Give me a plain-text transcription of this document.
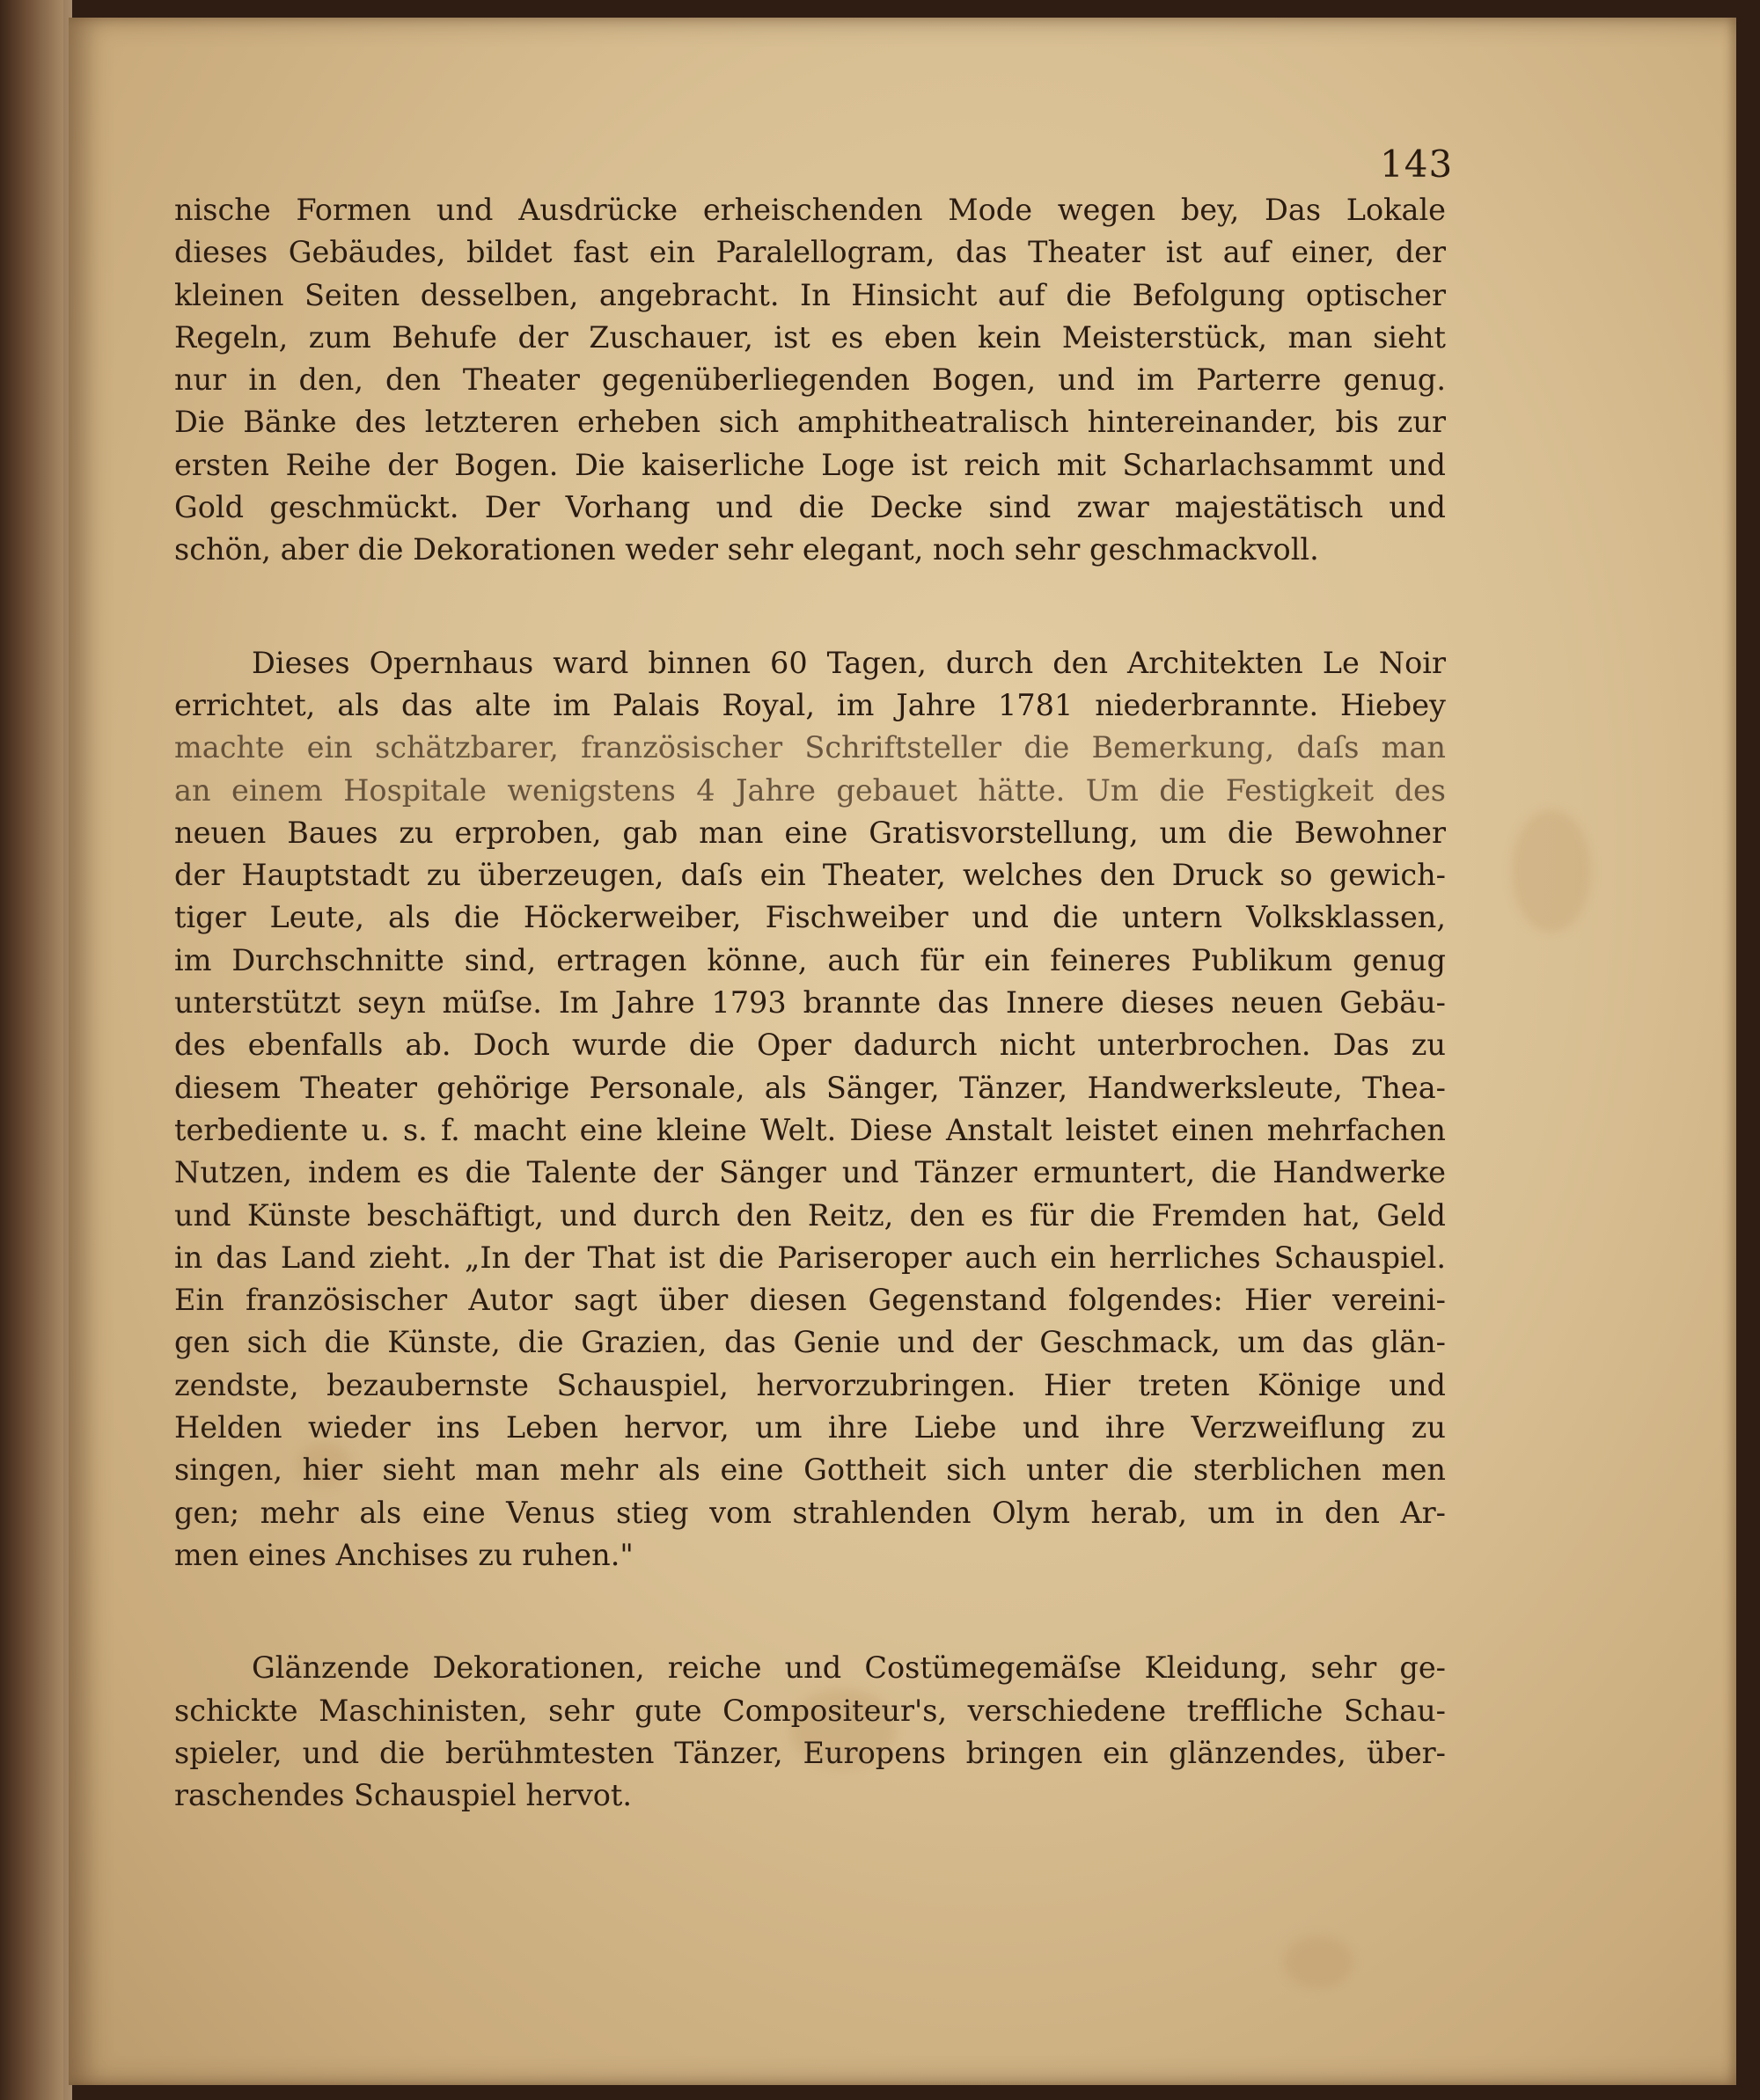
143

nische Formen und Ausdrücke erheischenden Mode wegen bey, Das Lokale
dieses Gebäudes, bildet fast ein Paralellogram, das Theater ist auf einer, der
kleinen Seiten desselben, angebracht. In Hinsicht auf die Befolgung optischer
Regeln, zum Behufe der Zuschauer, ist es eben kein Meisterstück, man sieht
nur in den, den Theater gegenüberliegenden Bogen, und im Parterre genug.
Die Bänke des letzteren erheben sich amphitheatralisch hintereinander, bis zur
ersten Reihe der Bogen. Die kaiserliche Loge ist reich mit Scharlachsammt und
Gold geschmückt. Der Vorhang und die Decke sind zwar majestätisch und
schön, aber die Dekorationen weder sehr elegant, noch sehr geschmackvoll.

Dieses Opernhaus ward binnen 60 Tagen, durch den Architekten Le Noir
errichtet, als das alte im Palais Royal, im Jahre 1781 niederbrannte. Hiebey
machte ein schätzbarer, französischer Schriftsteller die Bemerkung, daſs man
an einem Hospitale wenigstens 4 Jahre gebauet hätte. Um die Festigkeit des
neuen Baues zu erproben, gab man eine Gratisvorstellung, um die Bewohner
der Hauptstadt zu überzeugen, daſs ein Theater, welches den Druck so gewich-
tiger Leute, als die Höckerweiber, Fischweiber und die untern Volksklassen,
im Durchschnitte sind, ertragen könne, auch für ein feineres Publikum genug
unterstützt seyn müſse. Im Jahre 1793 brannte das Innere dieses neuen Gebäu-
des ebenfalls ab. Doch wurde die Oper dadurch nicht unterbrochen. Das zu
diesem Theater gehörige Personale, als Sänger, Tänzer, Handwerksleute, Thea-
terbediente u. s. f. macht eine kleine Welt. Diese Anstalt leistet einen mehrfachen
Nutzen, indem es die Talente der Sänger und Tänzer ermuntert, die Handwerke
und Künste beschäftigt, und durch den Reitz, den es für die Fremden hat, Geld
in das Land zieht. „In der That ist die Pariseroper auch ein herrliches Schauspiel.
Ein französischer Autor sagt über diesen Gegenstand folgendes: Hier vereini-
gen sich die Künste, die Grazien, das Genie und der Geschmack, um das glän-
zendste, bezaubernste Schauspiel, hervorzubringen. Hier treten Könige und
Helden wieder ins Leben hervor, um ihre Liebe und ihre Verzweiflung zu
singen, hier sieht man mehr als eine Gottheit sich unter die sterblichen men
gen; mehr als eine Venus stieg vom strahlenden Olym herab, um in den Ar-
men eines Anchises zu ruhen."

Glänzende Dekorationen, reiche und Costümegemäſse Kleidung, sehr ge-
schickte Maschinisten, sehr gute Compositeur's, verschiedene treffliche Schau-
spieler, und die berühmtesten Tänzer, Europens bringen ein glänzendes, über-
raschendes Schauspiel hervot.
